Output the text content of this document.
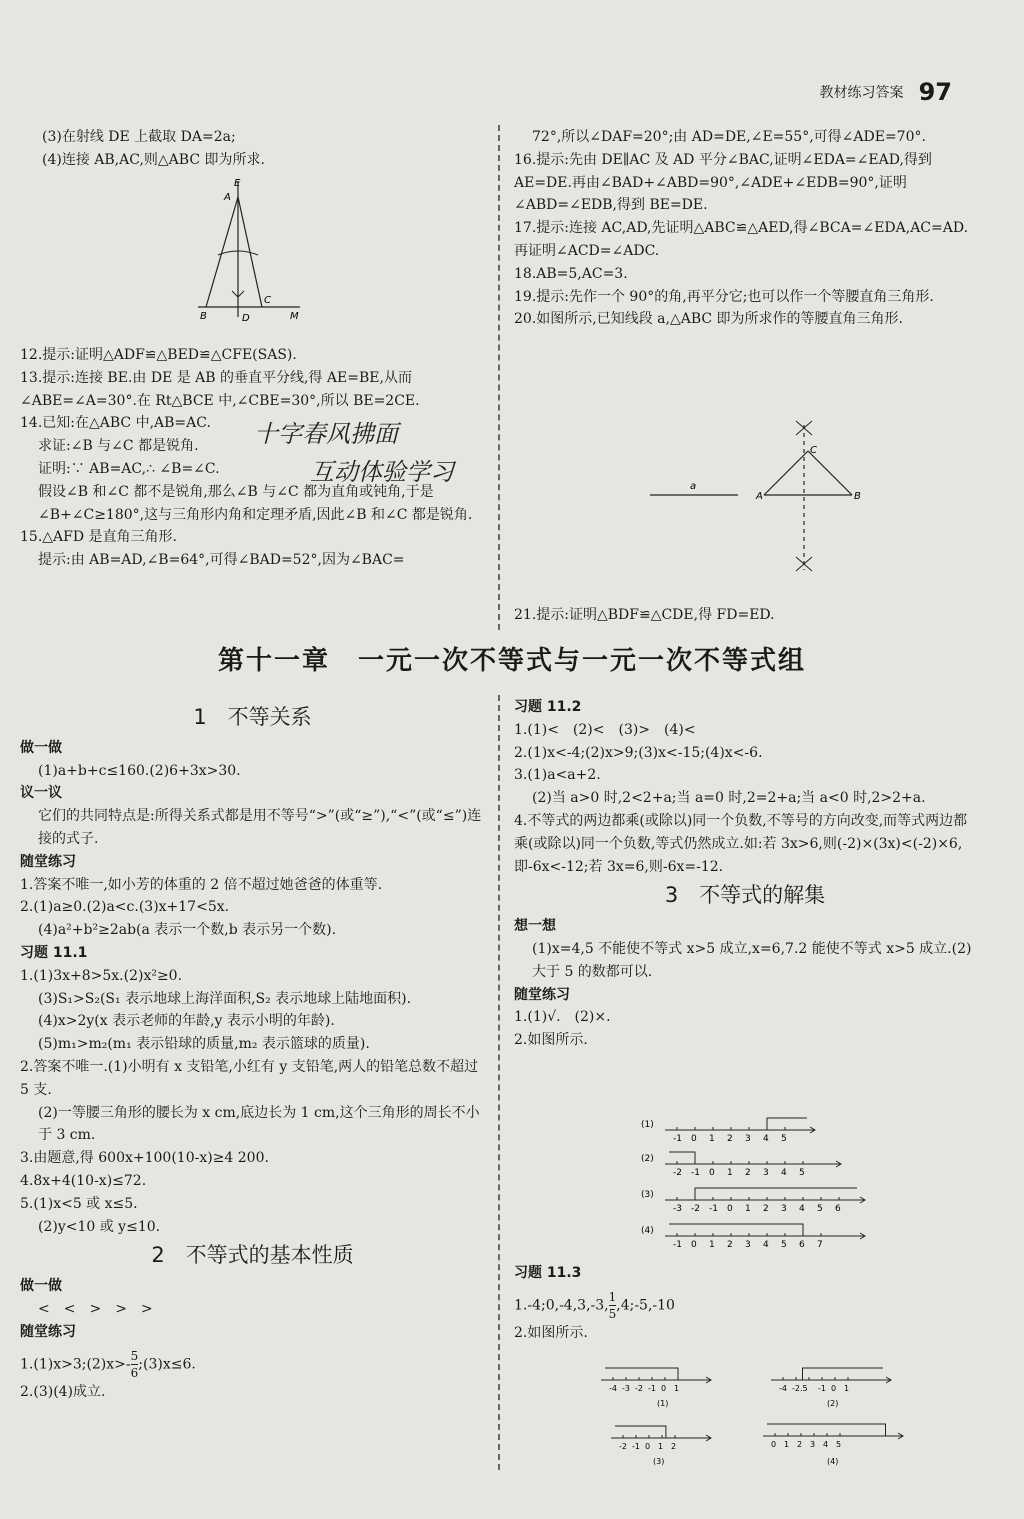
教材练习答案 97

(3)在射线 DE 上截取 DA=2a;

(4)连接 AB,AC,则△ABC 即为所求.

E
A
B	D
C
M

12.提示:证明△ADF≌△BED≌△CFE(SAS).

13.提示:连接 BE.由 DE 是 AB 的垂直平分线,得 AE=BE,从而∠ABE=∠A=30°.在 Rt△BCE 中,∠CBE=30°,所以 BE=2CE.

14.已知:在△ABC 中,AB=AC.

求证:∠B 与∠C 都是锐角.

证明:∵ AB=AC,∴ ∠B=∠C.

假设∠B 和∠C 都不是锐角,那么∠B 与∠C 都为直角或钝角,于是∠B+∠C≥180°,这与三角形内角和定理矛盾,因此∠B 和∠C 都是锐角.

15.△AFD 是直角三角形.

提示:由 AB=AD,∠B=64°,可得∠BAD=52°,因为∠BAC=

十字春风拂面
互动体验学习

72°,所以∠DAF=20°;由 AD=DE,∠E=55°,可得∠ADE=70°.

16.提示:先由 DE∥AC 及 AD 平分∠BAC,证明∠EDA=∠EAD,得到 AE=DE.再由∠BAD+∠ABD=90°,∠ADE+∠EDB=90°,证明∠ABD=∠EDB,得到 BE=DE.

17.提示:连接 AC,AD,先证明△ABC≌△AED,得∠BCA=∠EDA,AC=AD.再证明∠ACD=∠ADC.

18.AB=5,AC=3.

19.提示:先作一个 90°的角,再平分它;也可以作一个等腰直角三角形.

20.如图所示,已知线段 a,△ABC 即为所求作的等腰直角三角形.

a
A	B
C

21.提示:证明△BDF≌△CDE,得 FD=ED.

第十一章　一元一次不等式与一元一次不等式组

1　不等关系

做一做

(1)a+b+c≤160.(2)6+3x>30.

议一议

它们的共同特点是:所得关系式都是用不等号“>”(或“≥”),“<”(或“≤”)连接的式子.

随堂练习

1.答案不唯一,如小芳的体重的 2 倍不超过她爸爸的体重等.

2.(1)a≥0.(2)a<c.(3)x+17<5x.

(4)a²+b²≥2ab(a 表示一个数,b 表示另一个数).

习题 11.1

1.(1)3x+8>5x.(2)x²≥0.

(3)S₁>S₂(S₁ 表示地球上海洋面积,S₂ 表示地球上陆地面积).

(4)x>2y(x 表示老师的年龄,y 表示小明的年龄).

(5)m₁>m₂(m₁ 表示铅球的质量,m₂ 表示篮球的质量).

2.答案不唯一.(1)小明有 x 支铅笔,小红有 y 支铅笔,两人的铅笔总数不超过 5 支.

(2)一等腰三角形的腰长为 x cm,底边长为 1 cm,这个三角形的周长不小于 3 cm.

3.由题意,得 600x+100(10-x)≥4 200.

4.8x+4(10-x)≤72.

5.(1)x<5 或 x≤5.

(2)y<10 或 y≤10.

2　不等式的基本性质

做一做

<　<　>　>　>

随堂练习

1.(1)x>3;(2)x>- $\frac{5}{6}$ ;(3)x≤6.

2.(3)(4)成立.

习题 11.2

1.(1)<　(2)<　(3)>　(4)<

2.(1)x<-4;(2)x>9;(3)x<-15;(4)x<-6.

3.(1)a<a+2.

(2)当 a>0 时,2<2+a;当 a=0 时,2=2+a;当 a<0 时,2>2+a.

4.不等式的两边都乘(或除以)同一个负数,不等号的方向改变,而等式两边都乘(或除以)同一个负数,等式仍然成立.如:若 3x>6,则(-2)×(3x)<(-2)×6,即-6x<-12;若 3x=6,则-6x=-12.

3　不等式的解集

想一想

(1)x=4,5 不能使不等式 x>5 成立,x=6,7.2 能使不等式 x>5 成立.(2)大于 5 的数都可以.

随堂练习

1.(1)√.　(2)×.

2.如图所示.

-1 0 1 2 3 4 5
(1)
-2 -1 0 1 2 3 4 5
(2)
-3 -2 -1 0 1 2 3 4 5 6
(3)
-1 0 1 2 3 4 5 6 7
(4)

习题 11.3

1.-4;0,-4,3,-3, $\frac{1}{5}$ ,4;-5,-10

2.如图所示.

-4 -3 -2 -1 0 1	-4 -2.5 -1 0 1
-2 -1 0 1 2	0 1 2 3 4 5
(1)	(2)
(3)	(4)
